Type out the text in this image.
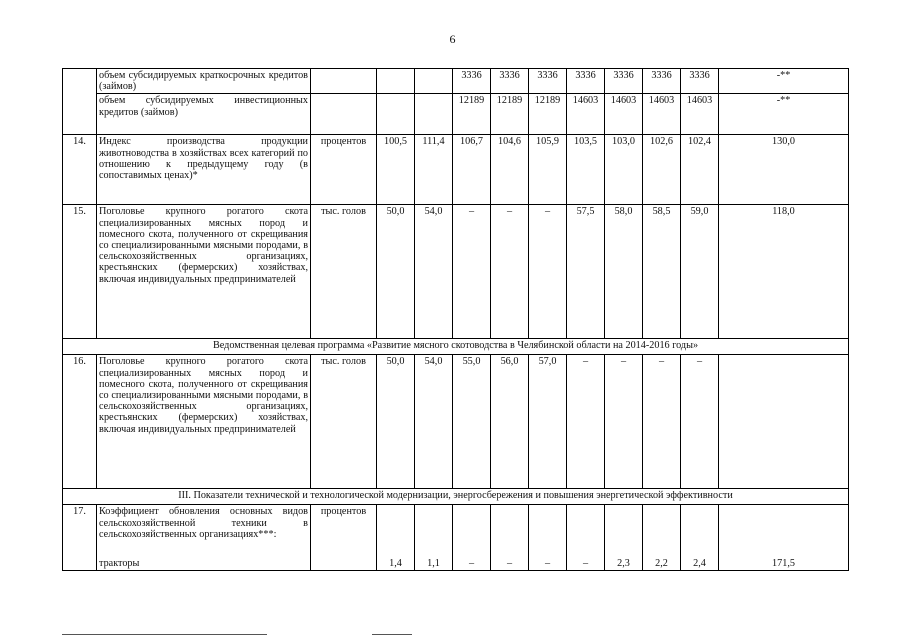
6
	объем субсидируемых краткосрочных кредитов (займов)				3336	3336	3336	3336	3336	3336	3336	-**
	объем субсидируемых инвестиционных кредитов (займов)				12189	12189	12189	14603	14603	14603	14603	-**
14.	Индекс производства продукции животноводства в хозяйствах всех категорий по отношению к предыдущему году (в сопоставимых ценах)*	процентов	100,5	111,4	106,7	104,6	105,9	103,5	103,0	102,6	102,4	130,0
15.	Поголовье крупного рогатого скота специализированных мясных пород и помесного скота, полученного от скрещивания со специализированными мясными породами, в сельскохозяйственных организациях, крестьянских (фермерских) хозяйствах, включая индивидуальных предпринимателей	тыс. голов	50,0	54,0	–	–	–	57,5	58,0	58,5	59,0	118,0
Ведомственная целевая программа «Развитие мясного скотоводства в Челябинской области на 2014-2016 годы»												
16.	Поголовье крупного рогатого скота специализированных мясных пород и помесного скота, полученного от скрещивания со специализированными мясными породами, в сельскохозяйственных организациях, крестьянских (фермерских) хозяйствах, включая индивидуальных предпринимателей	тыс. голов	50,0	54,0	55,0	56,0	57,0	–	–	–	–	
III. Показатели технической и технологической модернизации, энергосбережения и повышения энергетической эффективности												
17.	Коэффициент обновления основных видов сельскохозяйственной техники в сельскохозяйственных организациях***:	процентов										
	тракторы		1,4	1,1	–	–	–	–	2,3	2,2	2,4	171,5
